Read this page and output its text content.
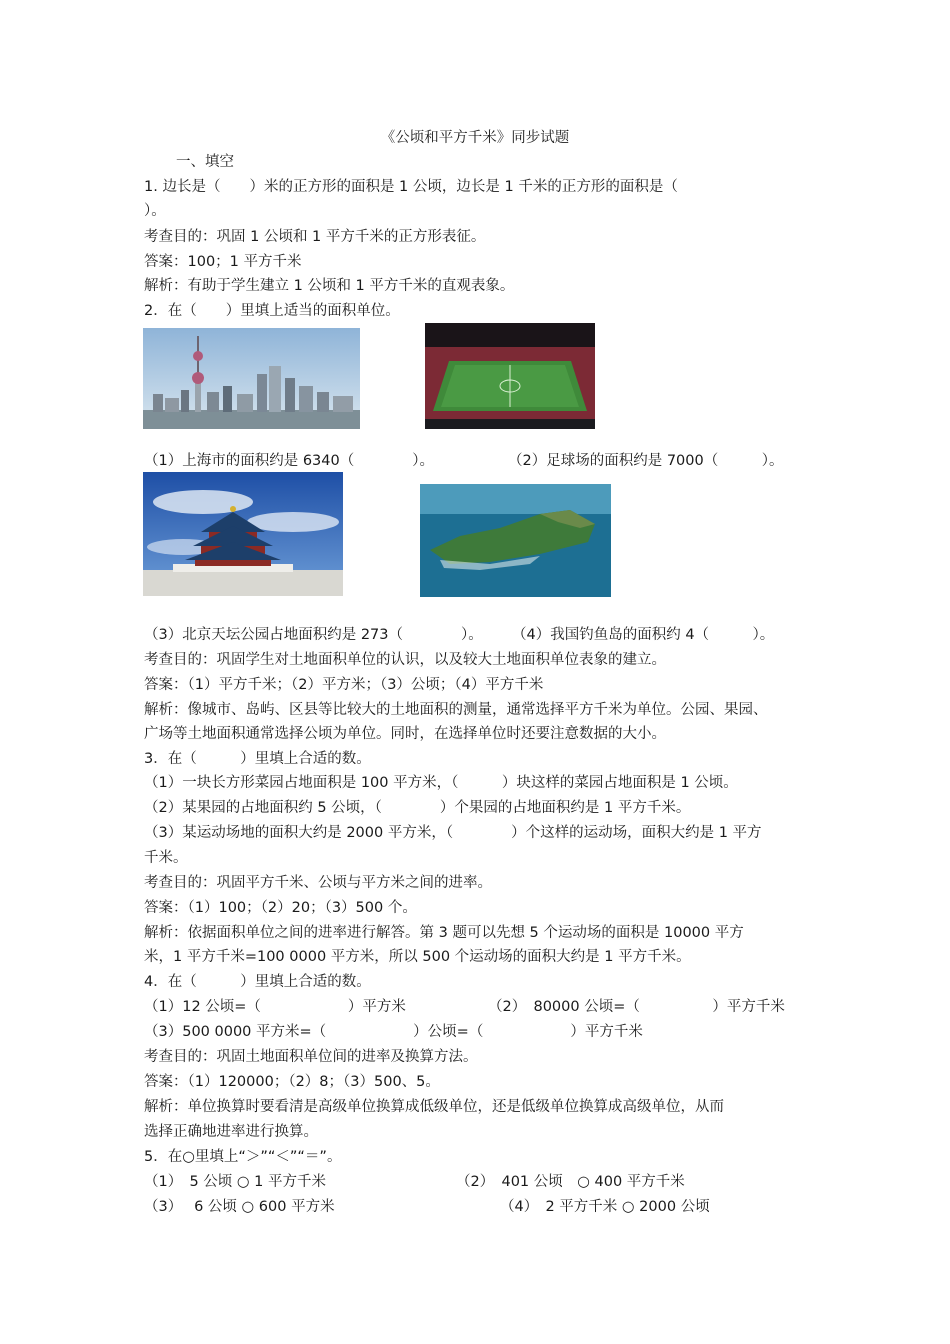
《公顷和平方千米》同步试题
一、填空
1. 边长是（　　）米的正方形的面积是 1 公顷，边长是 1 千米的正方形的面积是（
）。
考查目的：巩固 1 公顷和 1 平方千米的正方形表征。
答案：100；1 平方千米
解析：有助于学生建立 1 公顷和 1 平方千米的直观表象。
2．在（　　）里填上适当的面积单位。
（1）上海市的面积约是 6340（　　　　）。	（2）足球场的面积约是 7000（　　　）。
（3）北京天坛公园占地面积约是 273（　　　　）。	（4）我国钓鱼岛的面积约 4（　　　）。
考查目的：巩固学生对土地面积单位的认识，以及较大土地面积单位表象的建立。
答案：（1）平方千米；（2）平方米；（3）公顷；（4）平方千米
解析：像城市、岛屿、区县等比较大的土地面积的测量，通常选择平方千米为单位。公园、果园、
广场等土地面积通常选择公顷为单位。同时，在选择单位时还要注意数据的大小。
3．在（　　　）里填上合适的数。
（1）一块长方形菜园占地面积是 100 平方米，（　　　）块这样的菜园占地面积是 1 公顷。
（2）某果园的占地面积约 5 公顷，（　　　　）个果园的占地面积约是 1 平方千米。
（3）某运动场地的面积大约是 2000 平方米，（　　　　）个这样的运动场，面积大约是 1 平方
千米。
考查目的：巩固平方千米、公顷与平方米之间的进率。
答案：（1）100；（2）20；（3）500 个。
解析：依据面积单位之间的进率进行解答。第 3 题可以先想 5 个运动场的面积是 10000 平方
米，1 平方千米=100 0000 平方米，所以 500 个运动场的面积大约是 1 平方千米。
4．在（　　　）里填上合适的数。
（1）12 公顷=（　　　　　　）平方米	（2）　80000 公顷=（　　　　　）平方千米
（3）500 0000 平方米=（　　　　　　）公顷=（　　　　　　）平方千米
考查目的：巩固土地面积单位间的进率及换算方法。
答案：（1）120000；（2）8；（3）500、5。
解析：单位换算时要看清是高级单位换算成低级单位，还是低级单位换算成高级单位，从而
选择正确地进率进行换算。
5．在○里填上“＞”“＜”“＝”。
（1）　5 公顷 ○ 1 平方千米	（2）　401 公顷　○ 400 平方千米
（3）　 6 公顷 ○ 600 平方米	（4）　2 平方千米 ○ 2000 公顷
